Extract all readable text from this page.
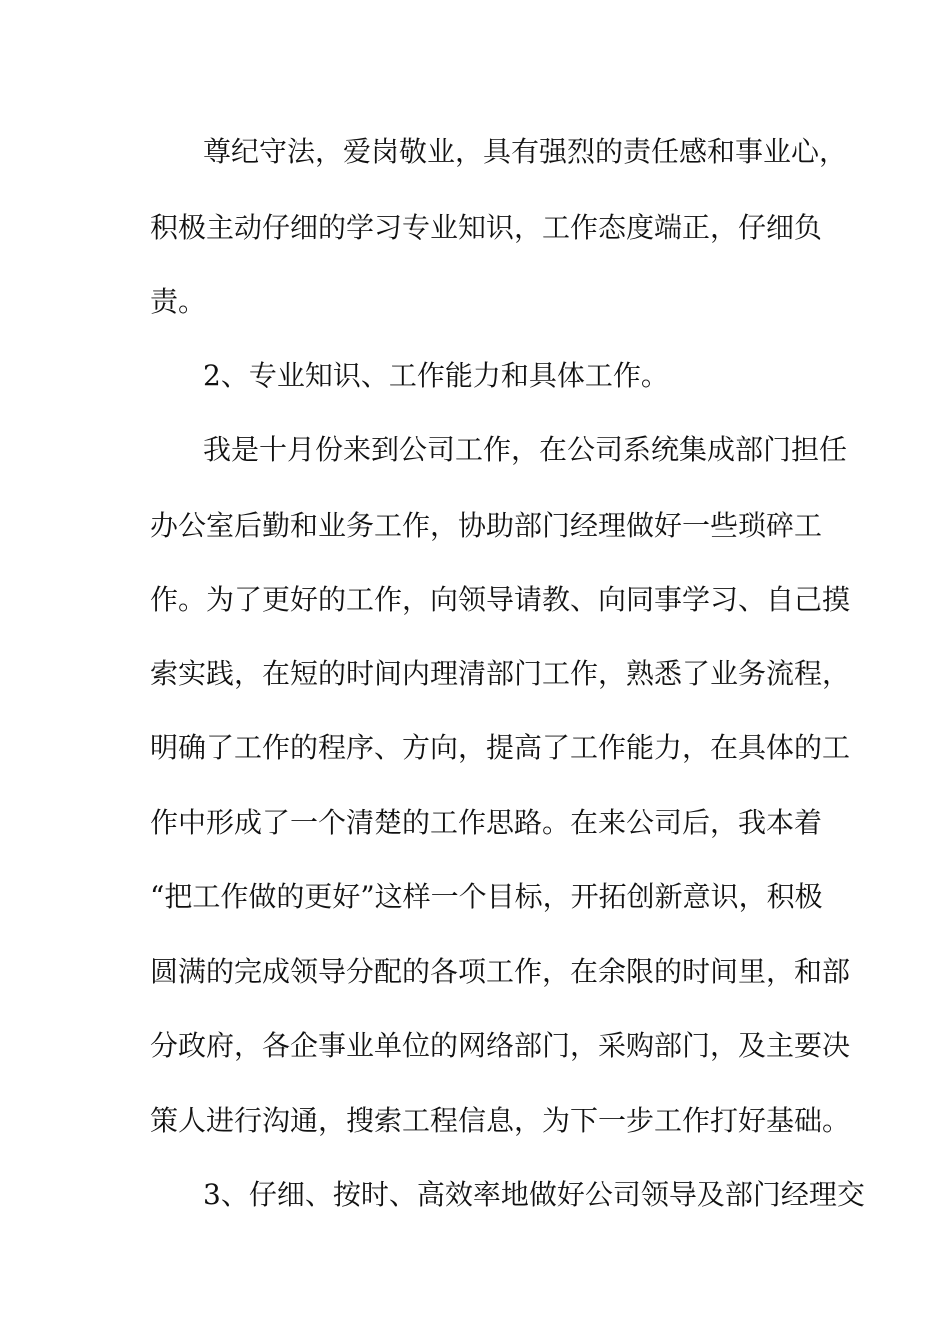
尊纪守法，爱岗敬业，具有强烈的责任感和事业心，
积极主动仔细的学习专业知识，工作态度端正，仔细负
责。
2、专业知识、工作能力和具体工作。
我是十月份来到公司工作，在公司系统集成部门担任
办公室后勤和业务工作，协助部门经理做好一些琐碎工
作。为了更好的工作，向领导请教、向同事学习、自己摸
索实践，在短的时间内理清部门工作，熟悉了业务流程，
明确了工作的程序、方向，提高了工作能力，在具体的工
作中形成了一个清楚的工作思路。在来公司后，我本着
“把工作做的更好”这样一个目标，开拓创新意识，积极
圆满的完成领导分配的各项工作，在余限的时间里，和部
分政府，各企事业单位的网络部门，采购部门，及主要决
策人进行沟通，搜索工程信息，为下一步工作打好基础。
3、仔细、按时、高效率地做好公司领导及部门经理交
